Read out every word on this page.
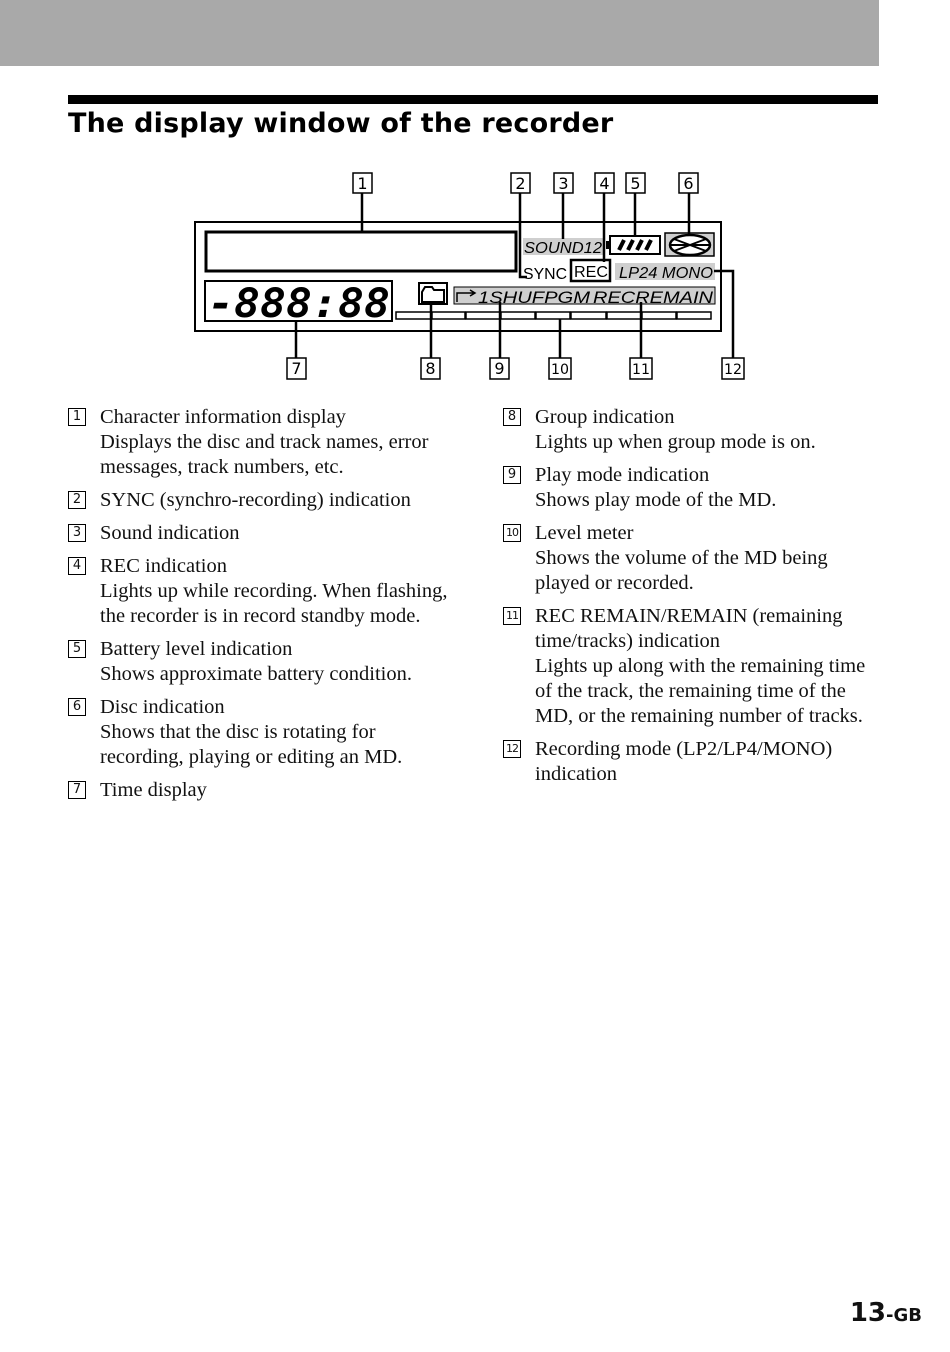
The display window of the recorder
-888:88	1SHUFPGM RECREMAIN
SOUND12
SYNC REC LP24 MONO
1	2 3 4 5	6
7	8	9	10	11	12
1 Character information display
Displays the disc and track names, error messages, track numbers, etc.
2 SYNC (synchro-recording) indication
3 Sound indication
4 REC indication
Lights up while recording. When flashing, the recorder is in record standby mode.
5 Battery level indication
Shows approximate battery condition.
6 Disc indication
Shows that the disc is rotating for recording, playing or editing an MD.
7 Time display
8 Group indication
Lights up when group mode is on.
9 Play mode indication
Shows play mode of the MD.
10 Level meter
Shows the volume of the MD being played or recorded.
11 REC REMAIN/REMAIN (remaining time/tracks) indication
Lights up along with the remaining time of the track, the remaining time of the MD, or the remaining number of tracks.
12 Recording mode (LP2/LP4/MONO) indication
13-GB
